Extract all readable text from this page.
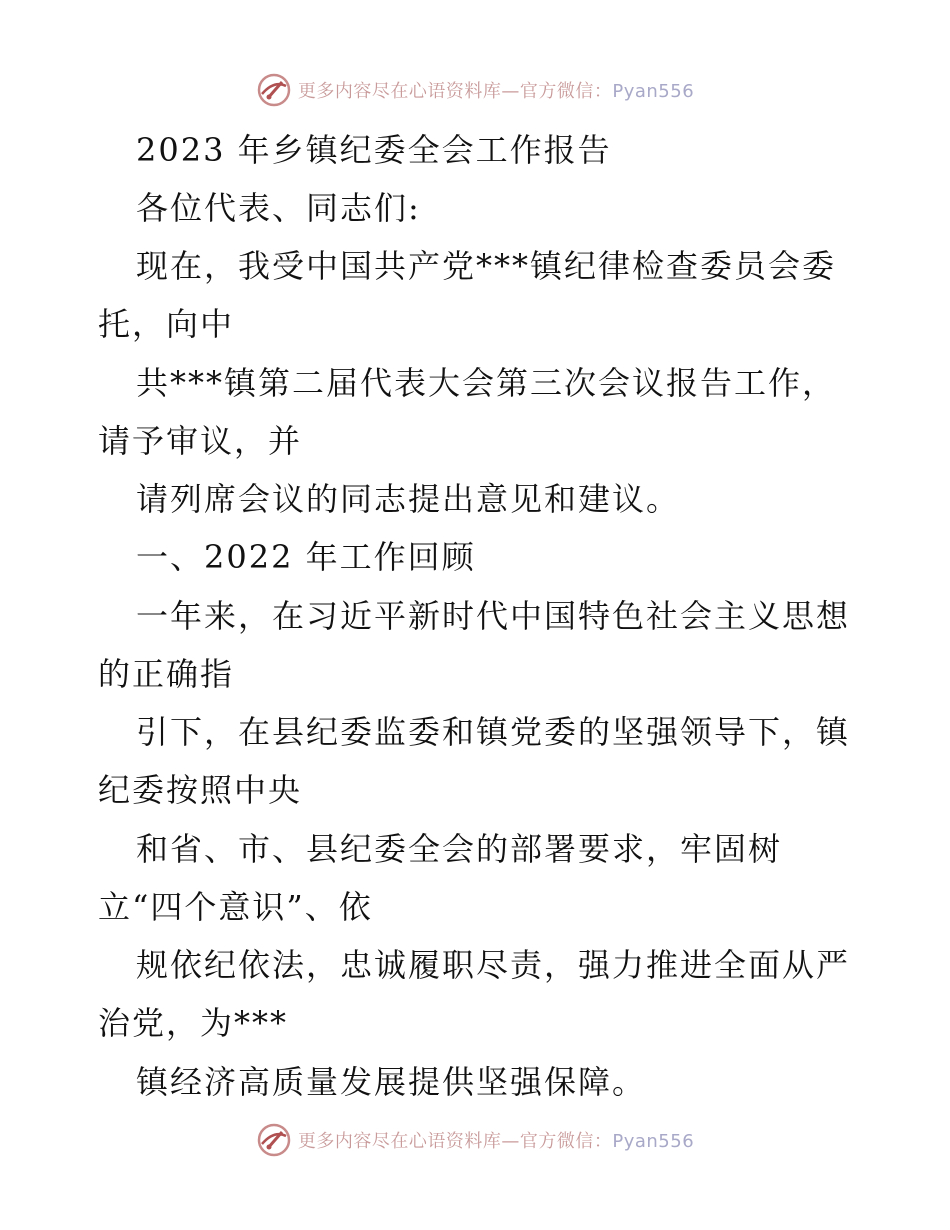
更多内容尽在心语资料库—官方微信：Pyan556
2023 年乡镇纪委全会工作报告
各位代表、同志们:
现在，我受中国共产党***镇纪律检查委员会委
托，向中
共***镇第二届代表大会第三次会议报告工作，
请予审议，并
请列席会议的同志提出意见和建议。
一、2022 年工作回顾
一年来，在习近平新时代中国特色社会主义思想
的正确指
引下，在县纪委监委和镇党委的坚强领导下，镇
纪委按照中央
和省、市、县纪委全会的部署要求，牢固树
立“四个意识”、依
规依纪依法，忠诚履职尽责，强力推进全面从严
治党，为***
镇经济高质量发展提供坚强保障。
更多内容尽在心语资料库—官方微信：Pyan556
